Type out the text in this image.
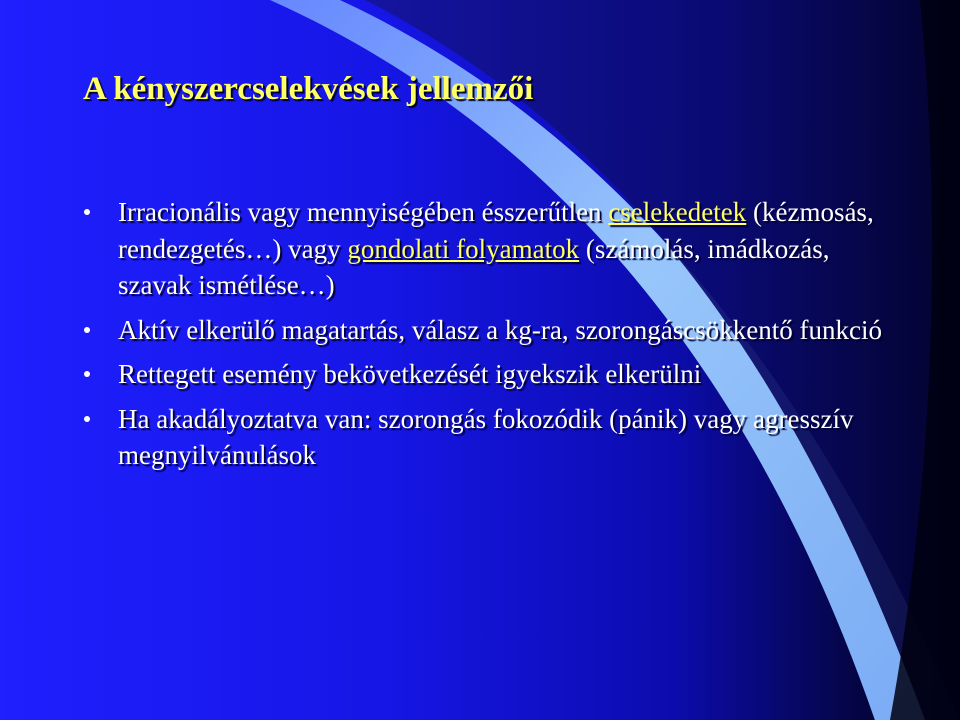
A kényszercselekvések jellemzői
Irracionális vagy mennyiségében ésszerűtlen cselekedetek (kézmosás, rendezgetés…) vagy gondolati folyamatok (számolás, imádkozás, szavak ismétlése…)
Aktív elkerülő magatartás, válasz a kg-ra, szorongáscsökkentő funkció
Rettegett esemény bekövetkezését igyekszik elkerülni
Ha akadályoztatva van: szorongás fokozódik (pánik) vagy agresszív megnyilvánulások
